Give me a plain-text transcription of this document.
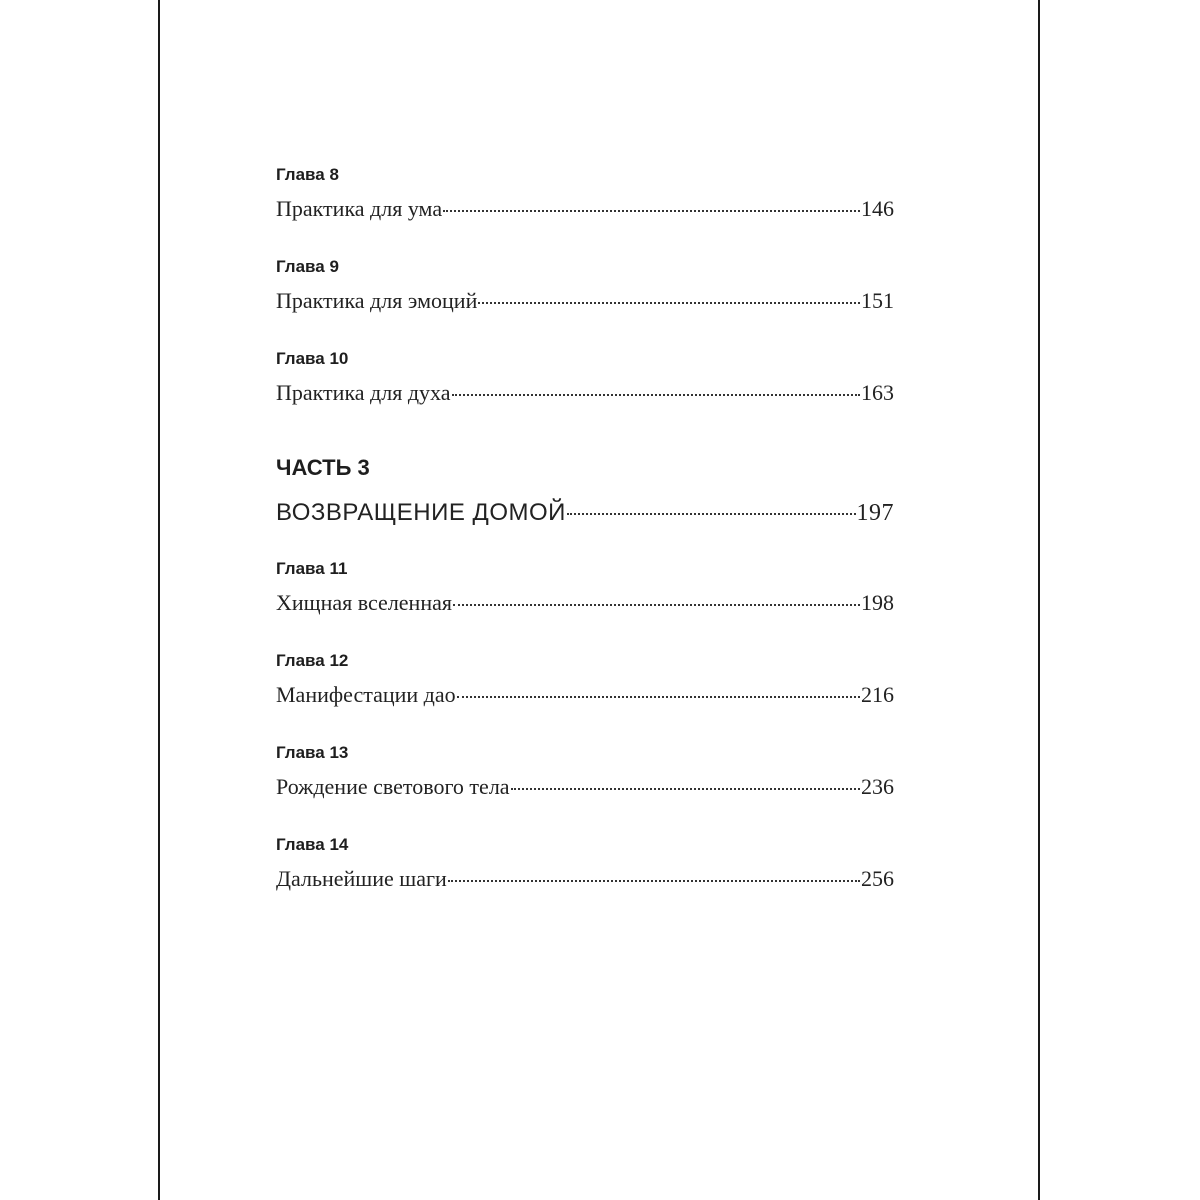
Глава 8
Практика для ума	146
Глава 9
Практика для эмоций	151
Глава 10
Практика для духа	163
ЧАСТЬ 3
ВОЗВРАЩЕНИЕ ДОМОЙ	197
Глава 11
Хищная вселенная	198
Глава 12
Манифестации дао	216
Глава 13
Рождение светового тела	236
Глава 14
Дальнейшие шаги	256
